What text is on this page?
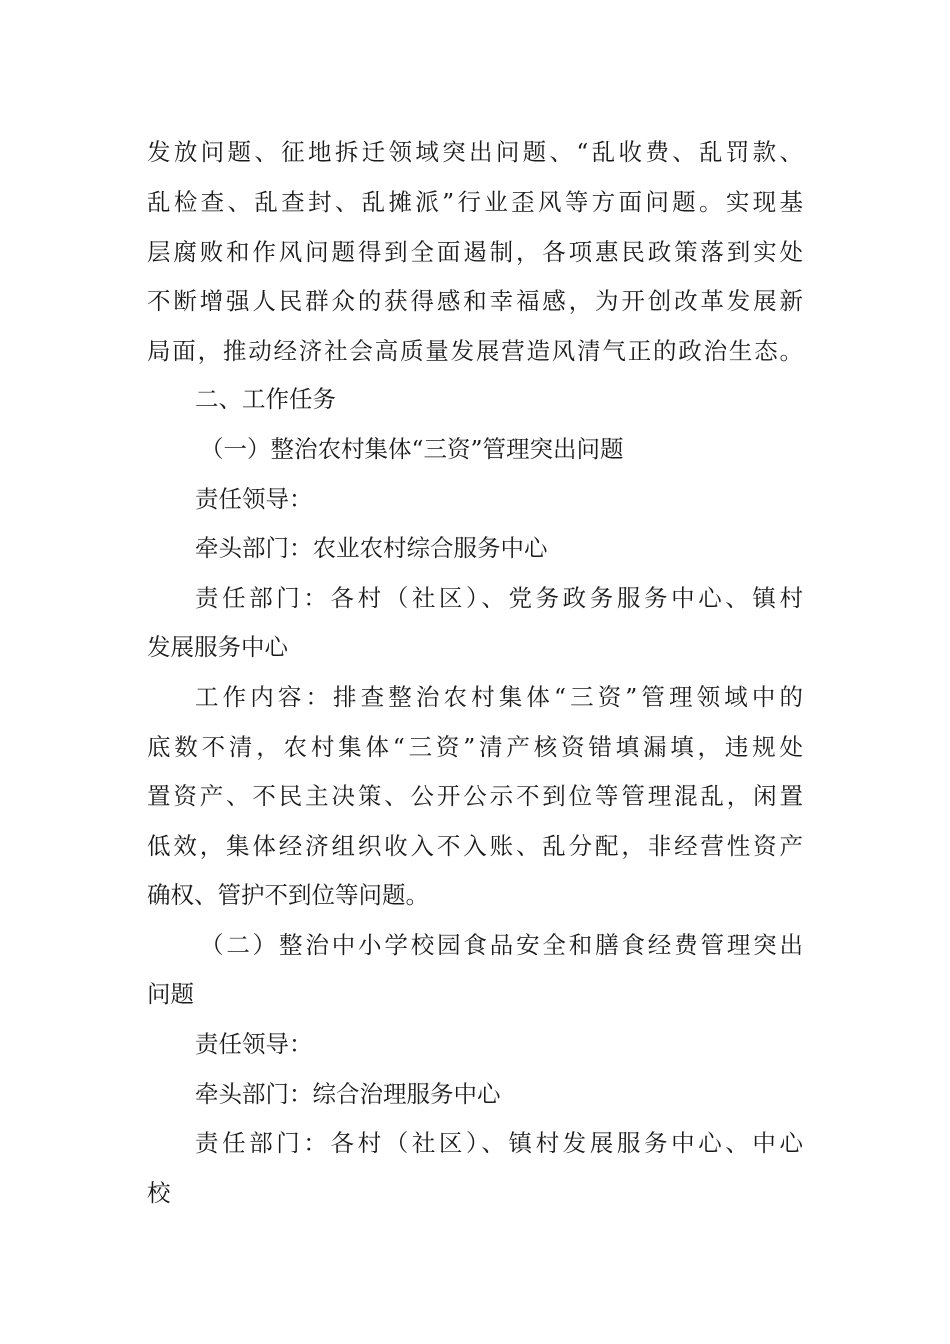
发放问题、征地拆迁领域突出问题、“乱收费、乱罚款、

乱检查、乱查封、乱摊派”行业歪风等方面问题。实现基

层腐败和作风问题得到全面遏制，各项惠民政策落到实处

不断增强人民群众的获得感和幸福感，为开创改革发展新

局面，推动经济社会高质量发展营造风清气正的政治生态。

二、工作任务

（一）整治农村集体“三资”管理突出问题

责任领导：

牵头部门：农业农村综合服务中心

责任部门：各村（社区）、党务政务服务中心、镇村

发展服务中心

工作内容：排查整治农村集体“三资”管理领域中的

底数不清，农村集体“三资”清产核资错填漏填，违规处

置资产、不民主决策、公开公示不到位等管理混乱，闲置

低效，集体经济组织收入不入账、乱分配，非经营性资产

确权、管护不到位等问题。

（二）整治中小学校园食品安全和膳食经费管理突出

问题

责任领导：

牵头部门：综合治理服务中心

责任部门：各村（社区）、镇村发展服务中心、中心

校
